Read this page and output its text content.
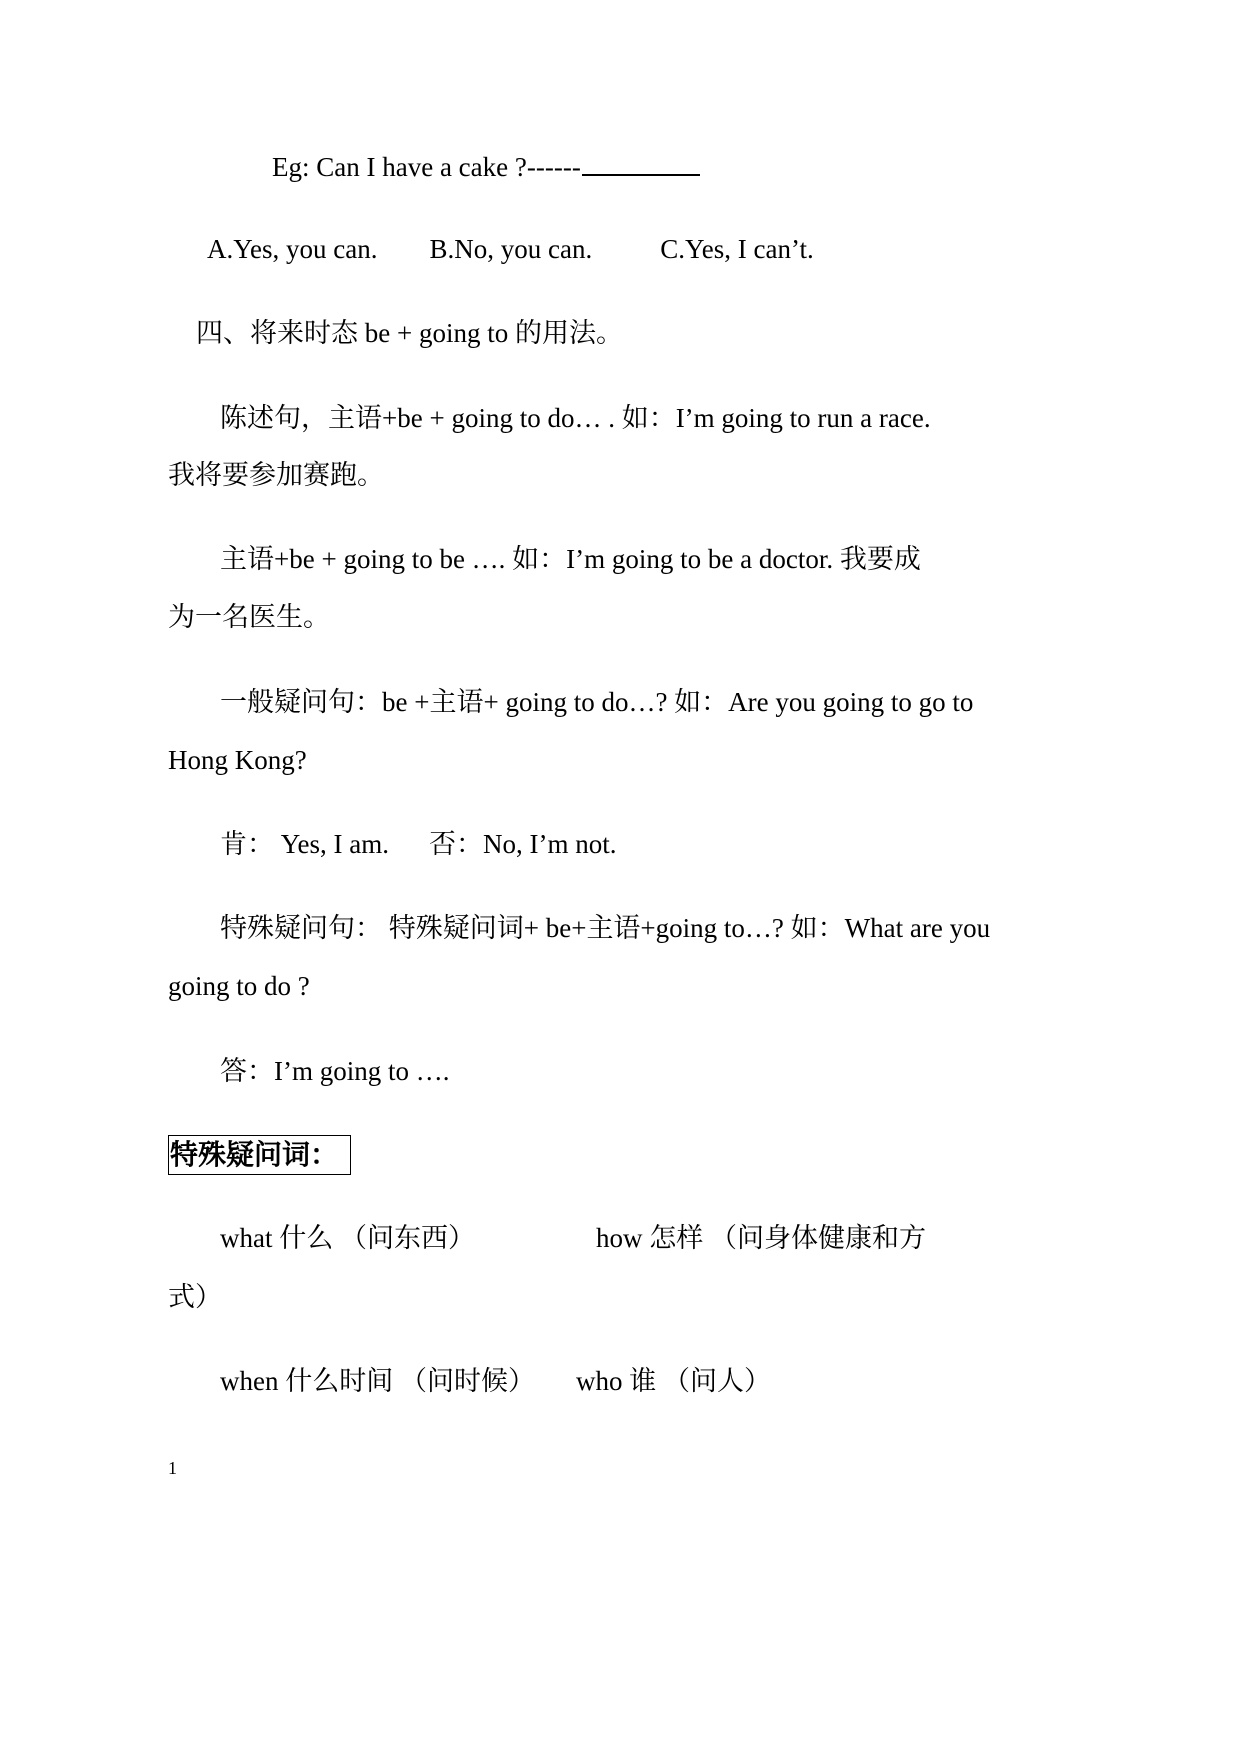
Eg: Can I have a cake ?------
A.Yes, you can. B.No, you can.	C.Yes, I can’t.
四、将来时态 be + going to 的用法。
陈述句，主语+be + going to do… . 如：I’m going to run a race.
我将要参加赛跑。
主语+be + going to be …. 如：I’m going to be a doctor. 我要成
为一名医生。
一般疑问句：be +主语+ going to do…? 如：Are you going to go to
Hong Kong?
肯： Yes, I am. 否：No, I’m not.
特殊疑问句： 特殊疑问词+ be+主语+going to…? 如：What are you
going to do ?
答：I’m going to ….
特殊疑问词：
what 什么 （问东西）	how 怎样 （问身体健康和方
式）
when 什么时间 （问时候） who 谁 （问人）
1
